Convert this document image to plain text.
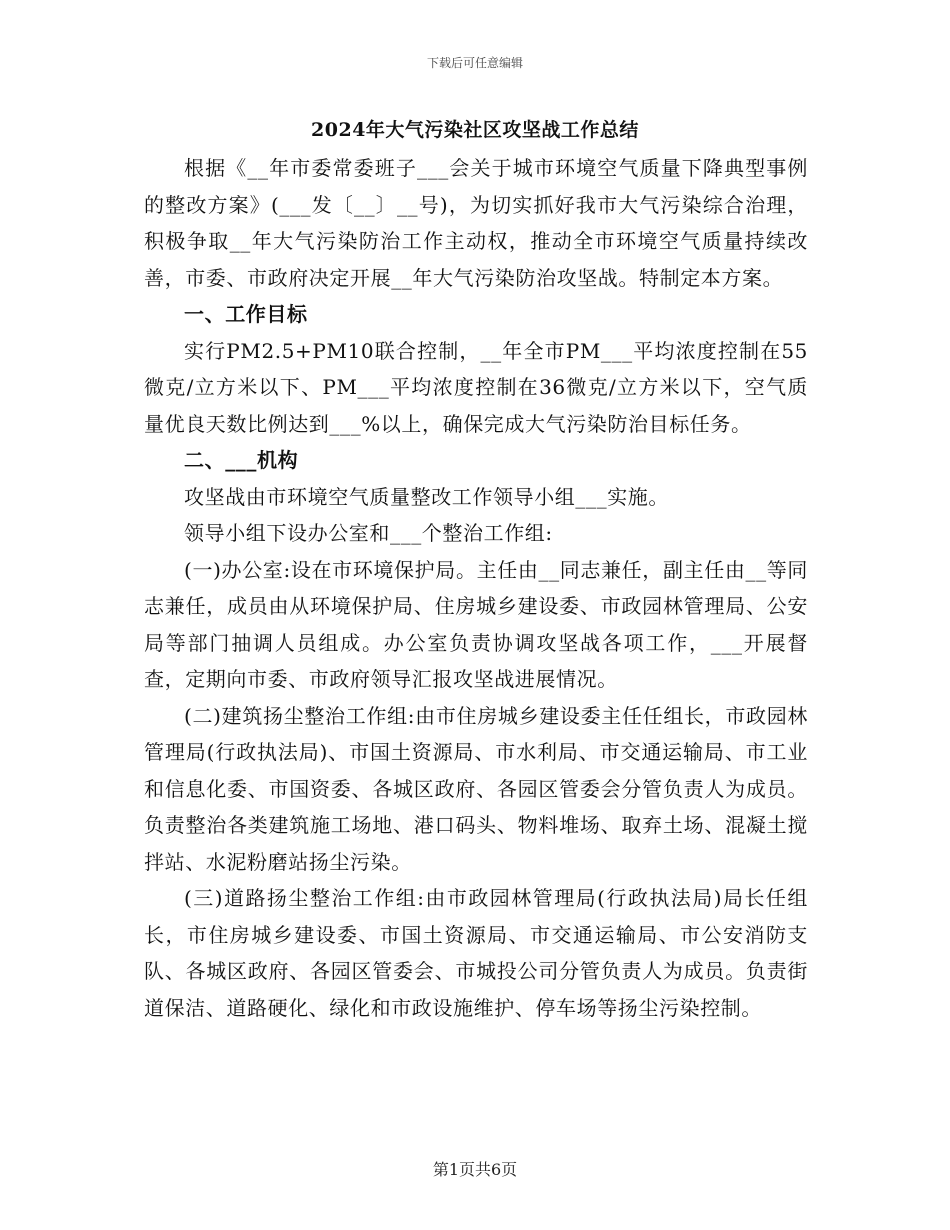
下载后可任意编辑
2024年大气污染社区攻坚战工作总结

根据《__年市委常委班子___会关于城市环境空气质量下降典型事例的整改方案》(___发〔__〕__号)，为切实抓好我市大气污染综合治理，积极争取__年大气污染防治工作主动权，推动全市环境空气质量持续改善，市委、市政府决定开展__年大气污染防治攻坚战。特制定本方案。

一、工作目标

实行PM2.5+PM10联合控制，__年全市PM___平均浓度控制在55微克/立方米以下、PM___平均浓度控制在36微克/立方米以下，空气质量优良天数比例达到___%以上，确保完成大气污染防治目标任务。

二、___机构

攻坚战由市环境空气质量整改工作领导小组___实施。

领导小组下设办公室和___个整治工作组:

(一)办公室:设在市环境保护局。主任由__同志兼任，副主任由__等同志兼任，成员由从环境保护局、住房城乡建设委、市政园林管理局、公安局等部门抽调人员组成。办公室负责协调攻坚战各项工作，___开展督查，定期向市委、市政府领导汇报攻坚战进展情况。

(二)建筑扬尘整治工作组:由市住房城乡建设委主任任组长，市政园林管理局(行政执法局)、市国土资源局、市水利局、市交通运输局、市工业和信息化委、市国资委、各城区政府、各园区管委会分管负责人为成员。负责整治各类建筑施工场地、港口码头、物料堆场、取弃土场、混凝土搅拌站、水泥粉磨站扬尘污染。

(三)道路扬尘整治工作组:由市政园林管理局(行政执法局)局长任组长，市住房城乡建设委、市国土资源局、市交通运输局、市公安消防支队、各城区政府、各园区管委会、市城投公司分管负责人为成员。负责街道保洁、道路硬化、绿化和市政设施维护、停车场等扬尘污染控制。

第1页共6页
